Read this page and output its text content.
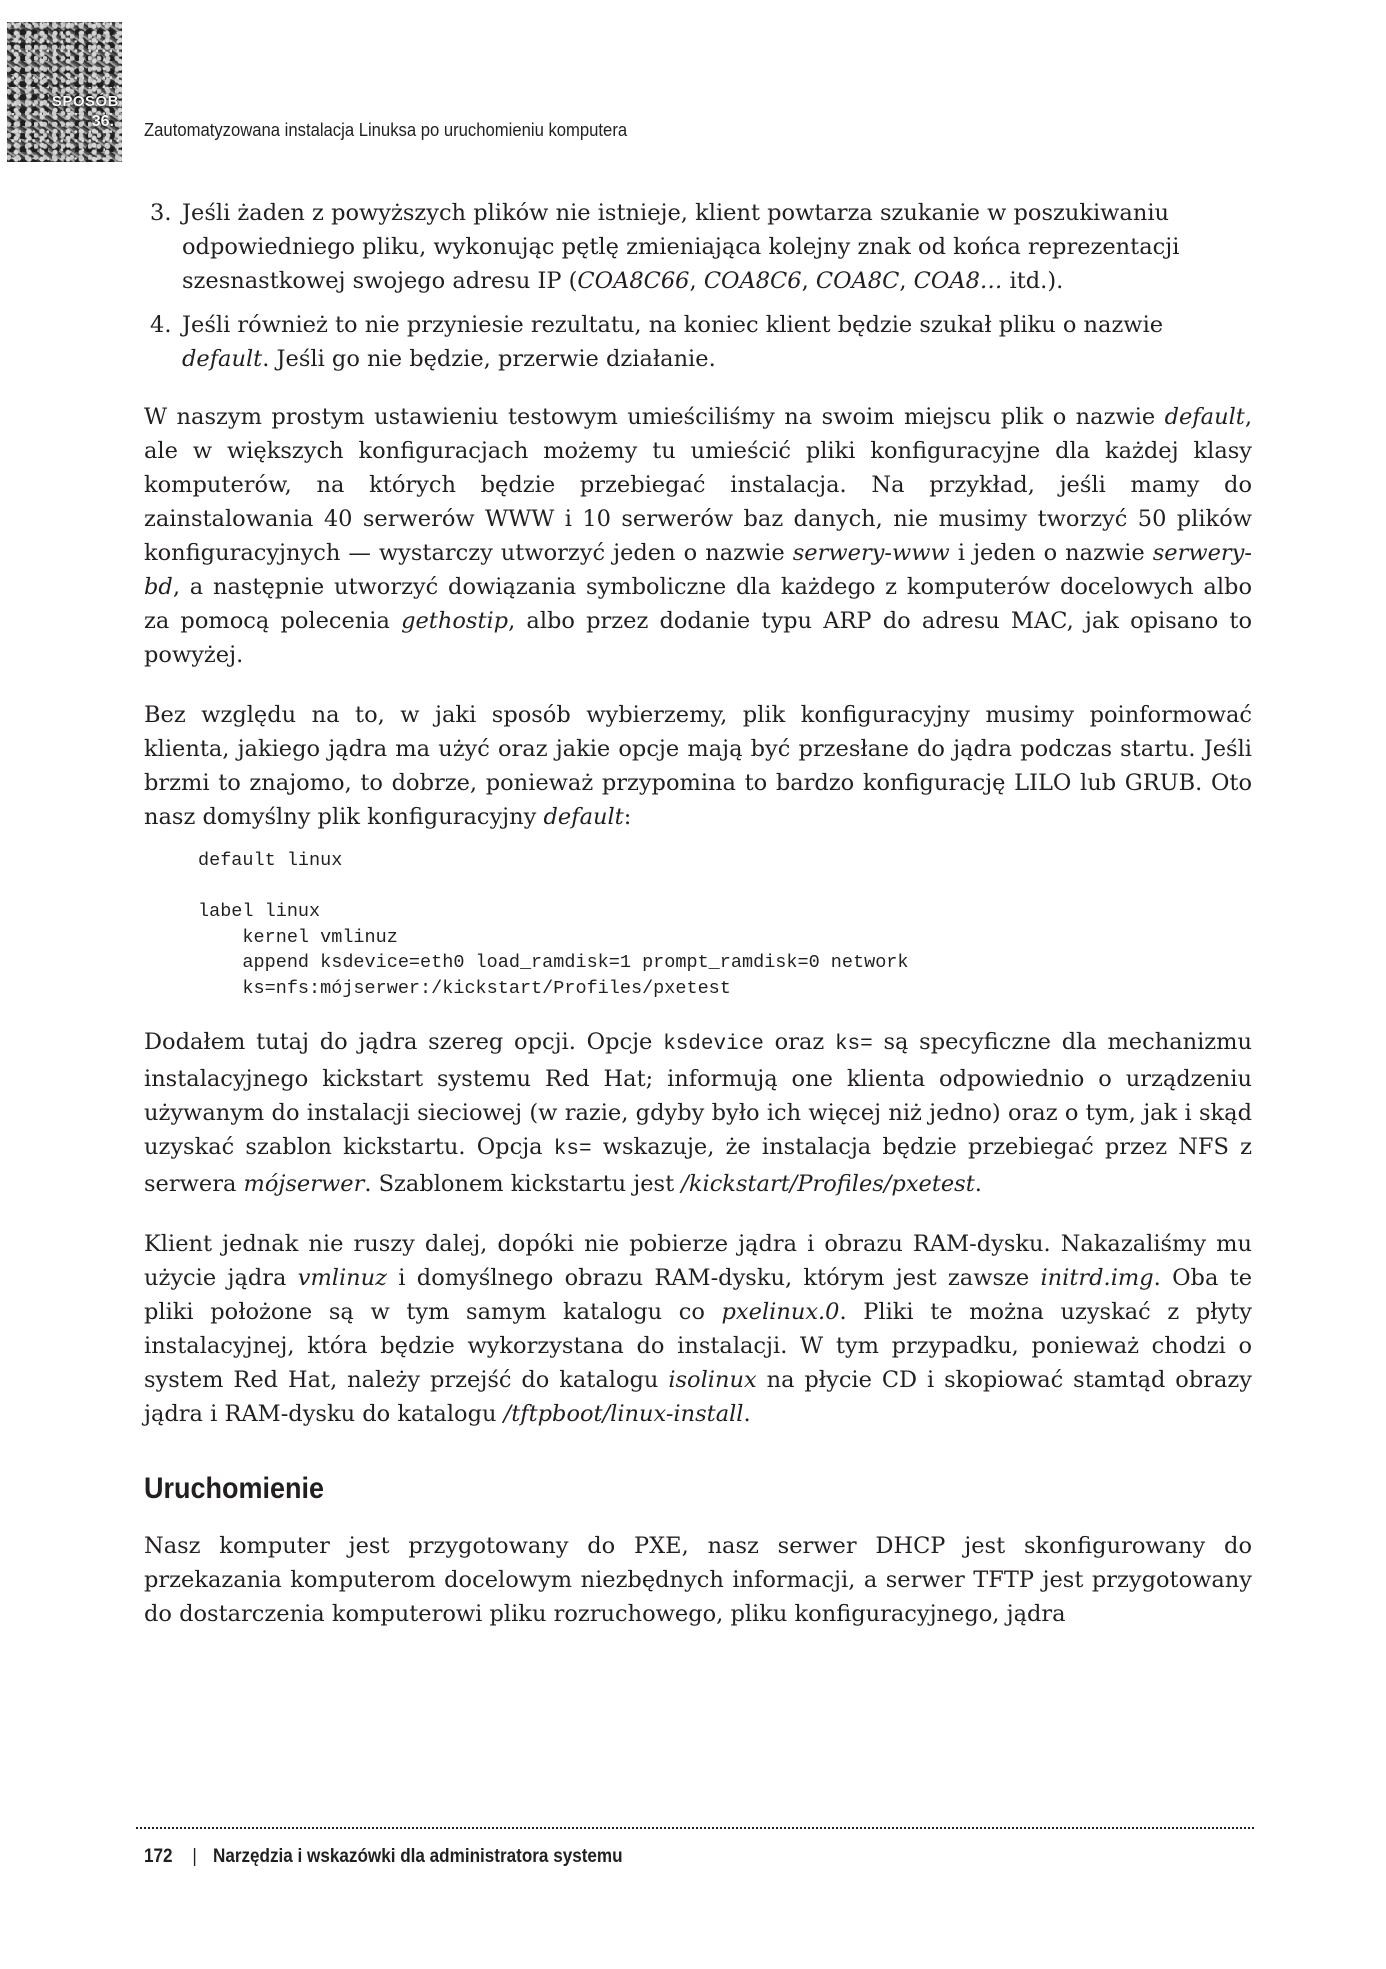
SPOSÓB
36. Zautomatyzowana instalacja Linuksa po uruchomieniu komputera
3. Jeśli żaden z powyższych plików nie istnieje, klient powtarza szukanie w poszukiwaniu odpowiedniego pliku, wykonując pętlę zmieniająca kolejny znak od końca reprezentacji szesnastkowej swojego adresu IP (COA8C66, COA8C6, COA8C, COA8… itd.).
4. Jeśli również to nie przyniesie rezultatu, na koniec klient będzie szukał pliku o nazwie default. Jeśli go nie będzie, przerwie działanie.

W naszym prostym ustawieniu testowym umieściliśmy na swoim miejscu plik o nazwie default, ale w większych konfiguracjach możemy tu umieścić pliki konfiguracyjne dla każdej klasy komputerów, na których będzie przebiegać instalacja. Na przykład, jeśli mamy do zainstalowania 40 serwerów WWW i 10 serwerów baz danych, nie musimy tworzyć 50 plików konfiguracyjnych — wystarczy utworzyć jeden o nazwie serwery-www i jeden o nazwie serwery-bd, a następnie utworzyć dowiązania symboliczne dla każdego z komputerów docelowych albo za pomocą polecenia gethostip, albo przez dodanie typu ARP do adresu MAC, jak opisano to powyżej.

Bez względu na to, w jaki sposób wybierzemy, plik konfiguracyjny musimy poinformować klienta, jakiego jądra ma użyć oraz jakie opcje mają być przesłane do jądra podczas startu. Jeśli brzmi to znajomo, to dobrze, ponieważ przypomina to bardzo konfigurację LILO lub GRUB. Oto nasz domyślny plik konfiguracyjny default:

default linux

label linux
kernel vmlinuz
append ksdevice=eth0 load_ramdisk=1 prompt_ramdisk=0 network
ks=nfs:mójserwer:/kickstart/Profiles/pxetest

Dodałem tutaj do jądra szereg opcji. Opcje ksdevice oraz ks= są specyficzne dla mechanizmu instalacyjnego kickstart systemu Red Hat; informują one klienta odpowiednio o urządzeniu używanym do instalacji sieciowej (w razie, gdyby było ich więcej niż jedno) oraz o tym, jak i skąd uzyskać szablon kickstartu. Opcja ks= wskazuje, że instalacja będzie przebiegać przez NFS z serwera mójserwer. Szablonem kickstartu jest /kickstart/Profiles/pxetest.

Klient jednak nie ruszy dalej, dopóki nie pobierze jądra i obrazu RAM-dysku. Nakazaliśmy mu użycie jądra vmlinuz i domyślnego obrazu RAM-dysku, którym jest zawsze initrd.img. Oba te pliki położone są w tym samym katalogu co pxelinux.0. Pliki te można uzyskać z płyty instalacyjnej, która będzie wykorzystana do instalacji. W tym przypadku, ponieważ chodzi o system Red Hat, należy przejść do katalogu isolinux na płycie CD i skopiować stamtąd obrazy jądra i RAM-dysku do katalogu /tftpboot/linux-install.

Uruchomienie

Nasz komputer jest przygotowany do PXE, nasz serwer DHCP jest skonfigurowany do przekazania komputerom docelowym niezbędnych informacji, a serwer TFTP jest przygotowany do dostarczenia komputerowi pliku rozruchowego, pliku konfiguracyjnego, jądra

172 | Narzędzia i wskazówki dla administratora systemu
